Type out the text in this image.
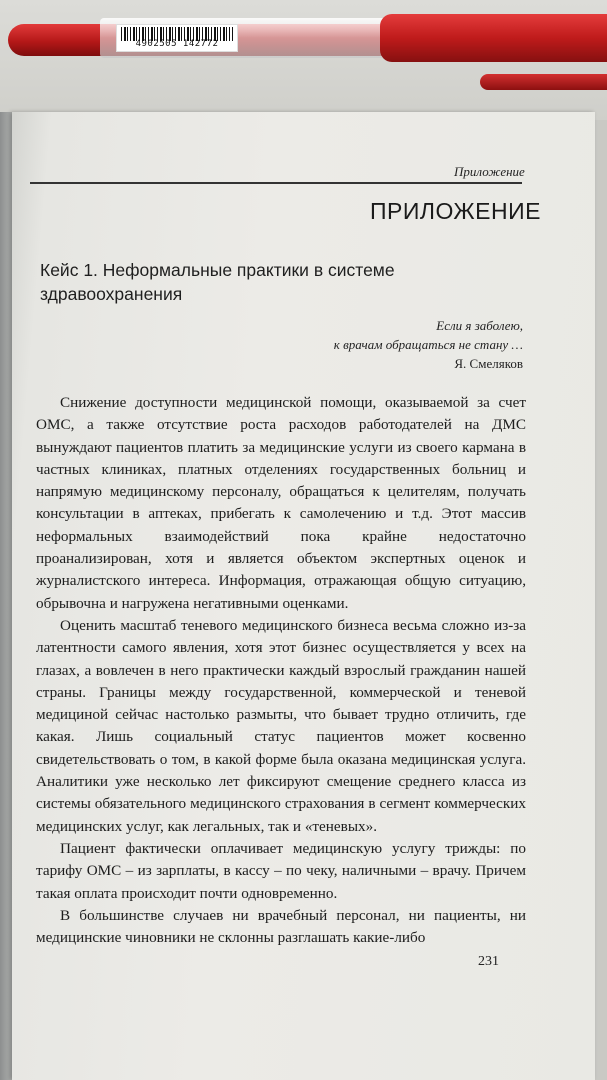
4902505 142772
Приложение
ПРИЛОЖЕНИЕ
Кейс 1. Неформальные практики в системе здравоохранения
Если я заболею,
к врачам обращаться не стану …
Я. Смеляков

Снижение доступности медицинской помощи, оказываемой за счет ОМС, а также отсутствие роста расходов работодателей на ДМС вынуждают пациентов платить за медицинские услуги из своего кармана в частных клиниках, платных отделениях государственных больниц и напрямую медицинскому персоналу, обращаться к целителям, получать консультации в аптеках, прибегать к самолечению и т.д. Этот массив неформальных взаимодействий пока крайне недостаточно проанализирован, хотя и является объектом экспертных оценок и журналистского интереса. Информация, отражающая общую ситуацию, обрывочна и нагружена негативными оценками.

Оценить масштаб теневого медицинского бизнеса весьма сложно из-за латентности самого явления, хотя этот бизнес осуществляется у всех на глазах, а вовлечен в него практически каждый взрослый гражданин нашей страны. Границы между государственной, коммерческой и теневой медициной сейчас настолько размыты, что бывает трудно отличить, где какая. Лишь социальный статус пациентов может косвенно свидетельствовать о том, в какой форме была оказана медицинская услуга. Аналитики уже несколько лет фиксируют смещение среднего класса из системы обязательного медицинского страхования в сегмент коммерческих медицинских услуг, как легальных, так и «теневых».

Пациент фактически оплачивает медицинскую услугу трижды: по тарифу ОМС – из зарплаты, в кассу – по чеку, наличными – врачу. Причем такая оплата происходит почти одновременно.

В большинстве случаев ни врачебный персонал, ни пациенты, ни медицинские чиновники не склонны разглашать какие-либо

231
